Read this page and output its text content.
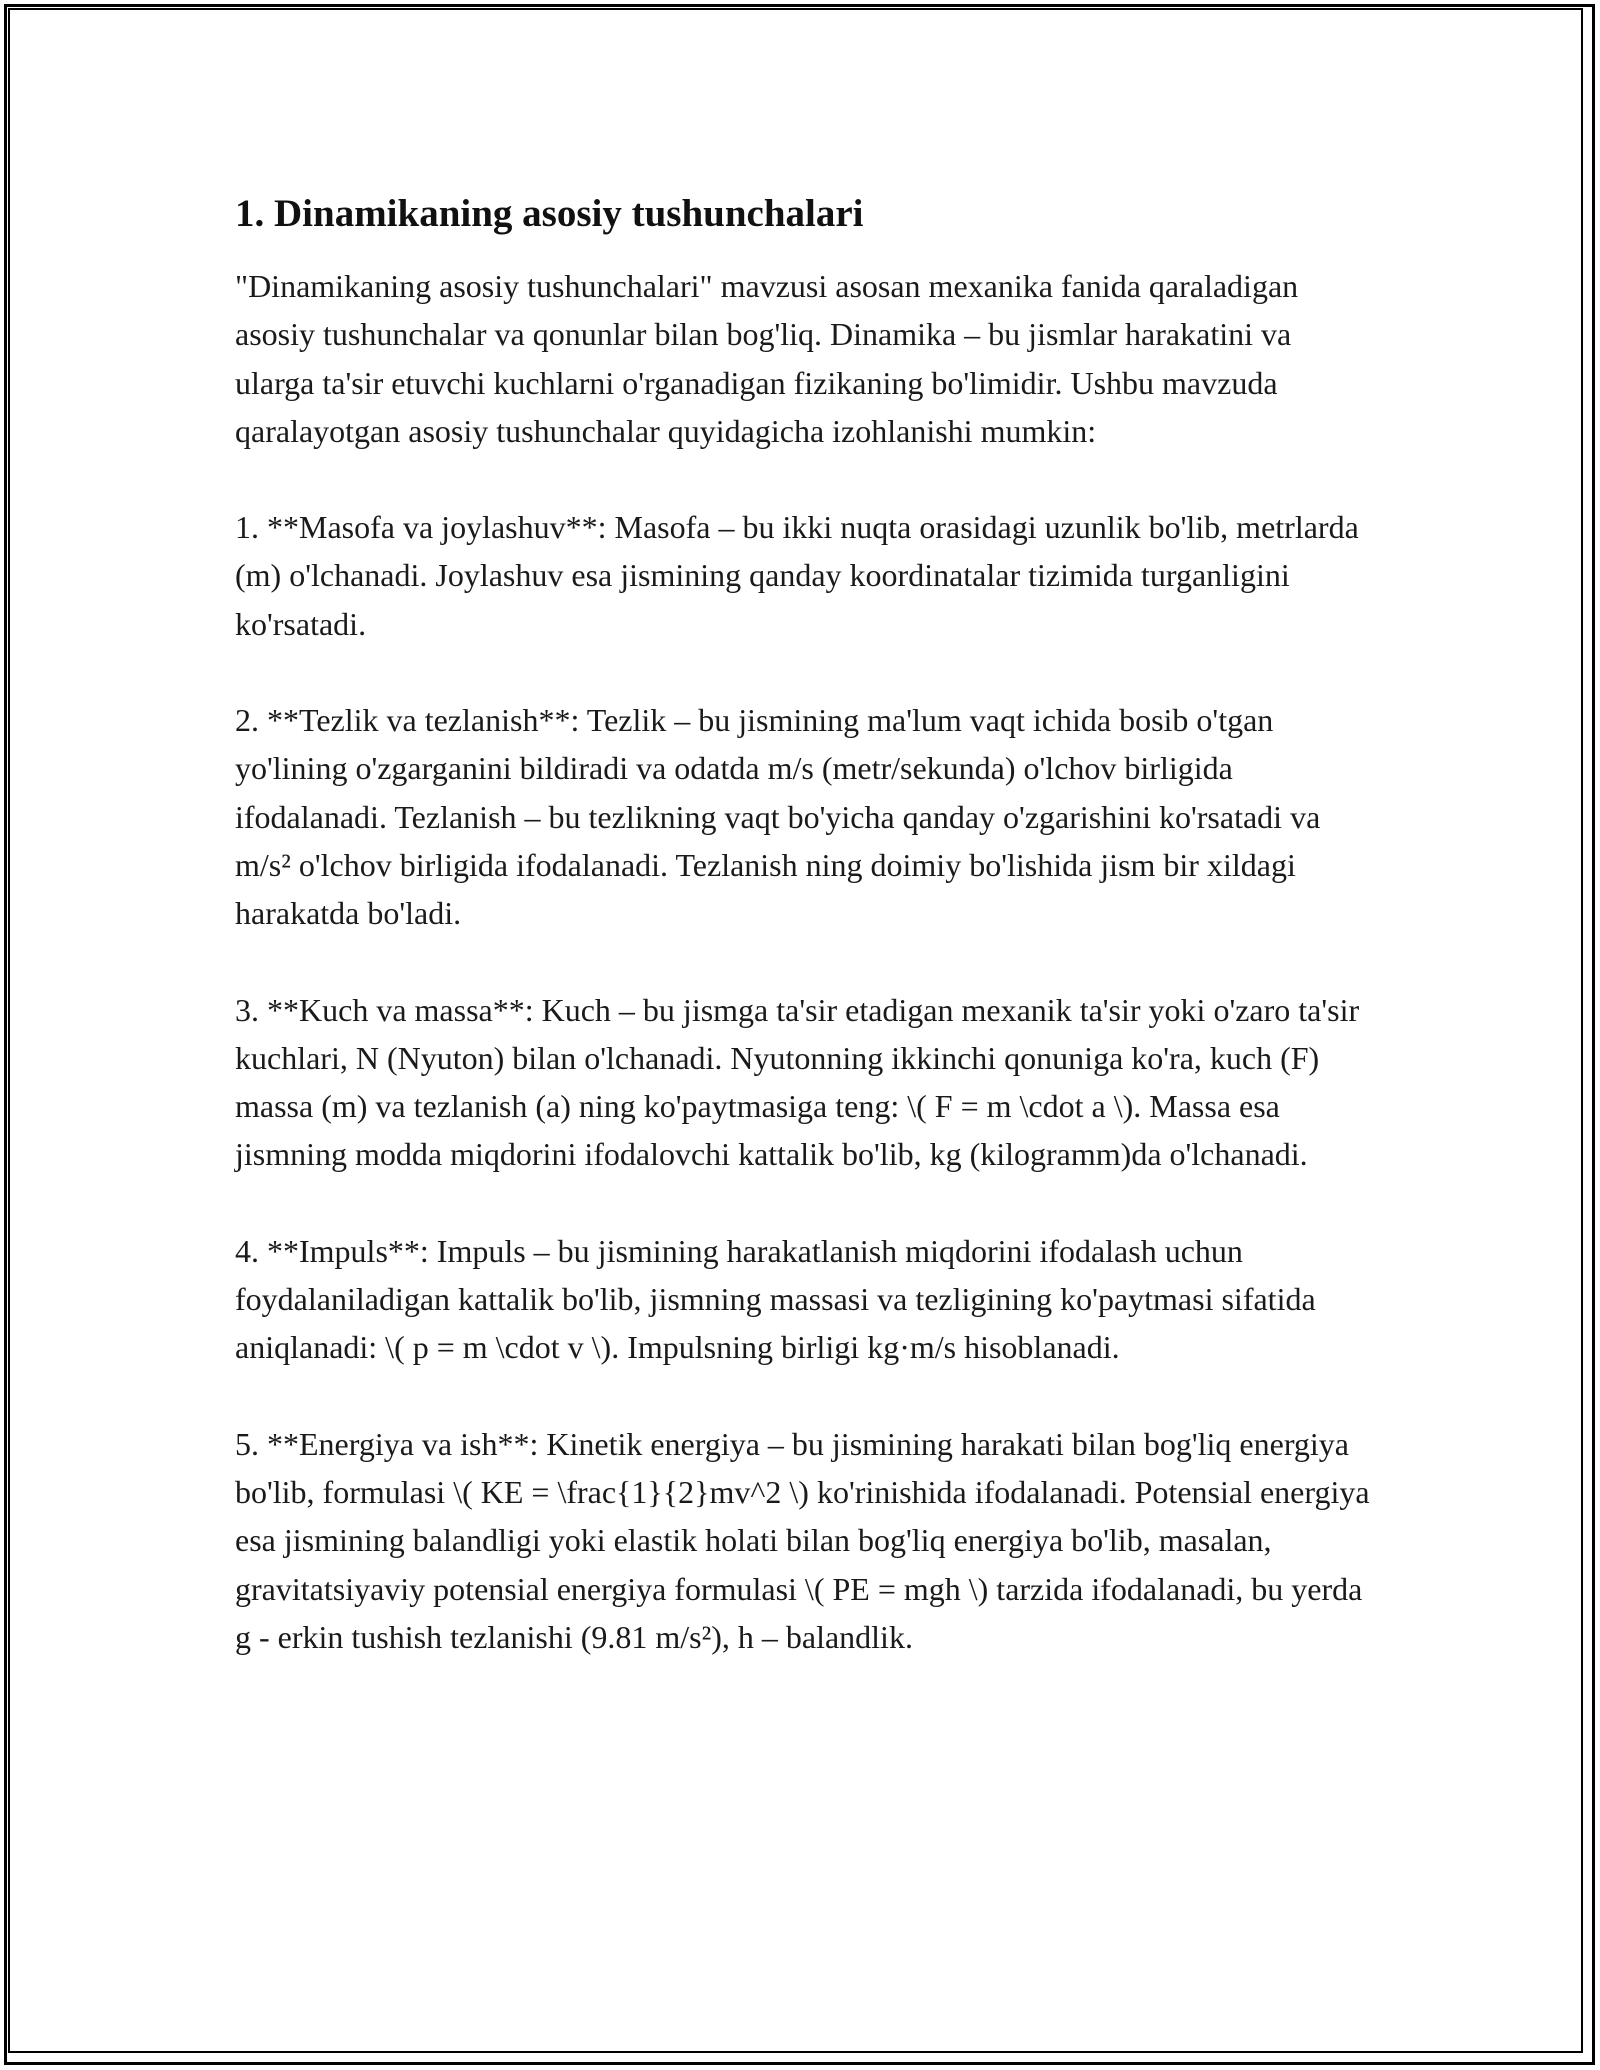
1. Dinamikaning asosiy tushunchalari

"Dinamikaning asosiy tushunchalari" mavzusi asosan mexanika fanida qaraladigan asosiy tushunchalar va qonunlar bilan bog'liq. Dinamika – bu jismlar harakatini va ularga ta'sir etuvchi kuchlarni o'rganadigan fizikaning bo'limidir. Ushbu mavzuda qaralayotgan asosiy tushunchalar quyidagicha izohlanishi mumkin:

1. **Masofa va joylashuv**: Masofa – bu ikki nuqta orasidagi uzunlik bo'lib, metrlarda (m) o'lchanadi. Joylashuv esa jismining qanday koordinatalar tizimida turganligini ko'rsatadi.

2. **Tezlik va tezlanish**: Tezlik – bu jismining ma'lum vaqt ichida bosib o'tgan yo'lining o'zgarganini bildiradi va odatda m/s (metr/sekunda) o'lchov birligida ifodalanadi. Tezlanish – bu tezlikning vaqt bo'yicha qanday o'zgarishini ko'rsatadi va m/s² o'lchov birligida ifodalanadi. Tezlanish ning doimiy bo'lishida jism bir xildagi harakatda bo'ladi.

3. **Kuch va massa**: Kuch – bu jismga ta'sir etadigan mexanik ta'sir yoki o'zaro ta'sir kuchlari, N (Nyuton) bilan o'lchanadi. Nyutonning ikkinchi qonuniga ko'ra, kuch (F) massa (m) va tezlanish (a) ning ko'paytmasiga teng: \( F = m \cdot a \). Massa esa jismning modda miqdorini ifodalovchi kattalik bo'lib, kg (kilogramm)da o'lchanadi.

4. **Impuls**: Impuls – bu jismining harakatlanish miqdorini ifodalash uchun foydalaniladigan kattalik bo'lib, jismning massasi va tezligining ko'paytmasi sifatida aniqlanadi: \( p = m \cdot v \). Impulsning birligi kg·m/s hisoblanadi.

5. **Energiya va ish**: Kinetik energiya – bu jismining harakati bilan bog'liq energiya bo'lib, formulasi \( KE = \frac{1}{2}mv^2 \) ko'rinishida ifodalanadi. Potensial energiya esa jismining balandligi yoki elastik holati bilan bog'liq energiya bo'lib, masalan, gravitatsiyaviy potensial energiya formulasi \( PE = mgh \) tarzida ifodalanadi, bu yerda g - erkin tushish tezlanishi (9.81 m/s²), h – balandlik.
